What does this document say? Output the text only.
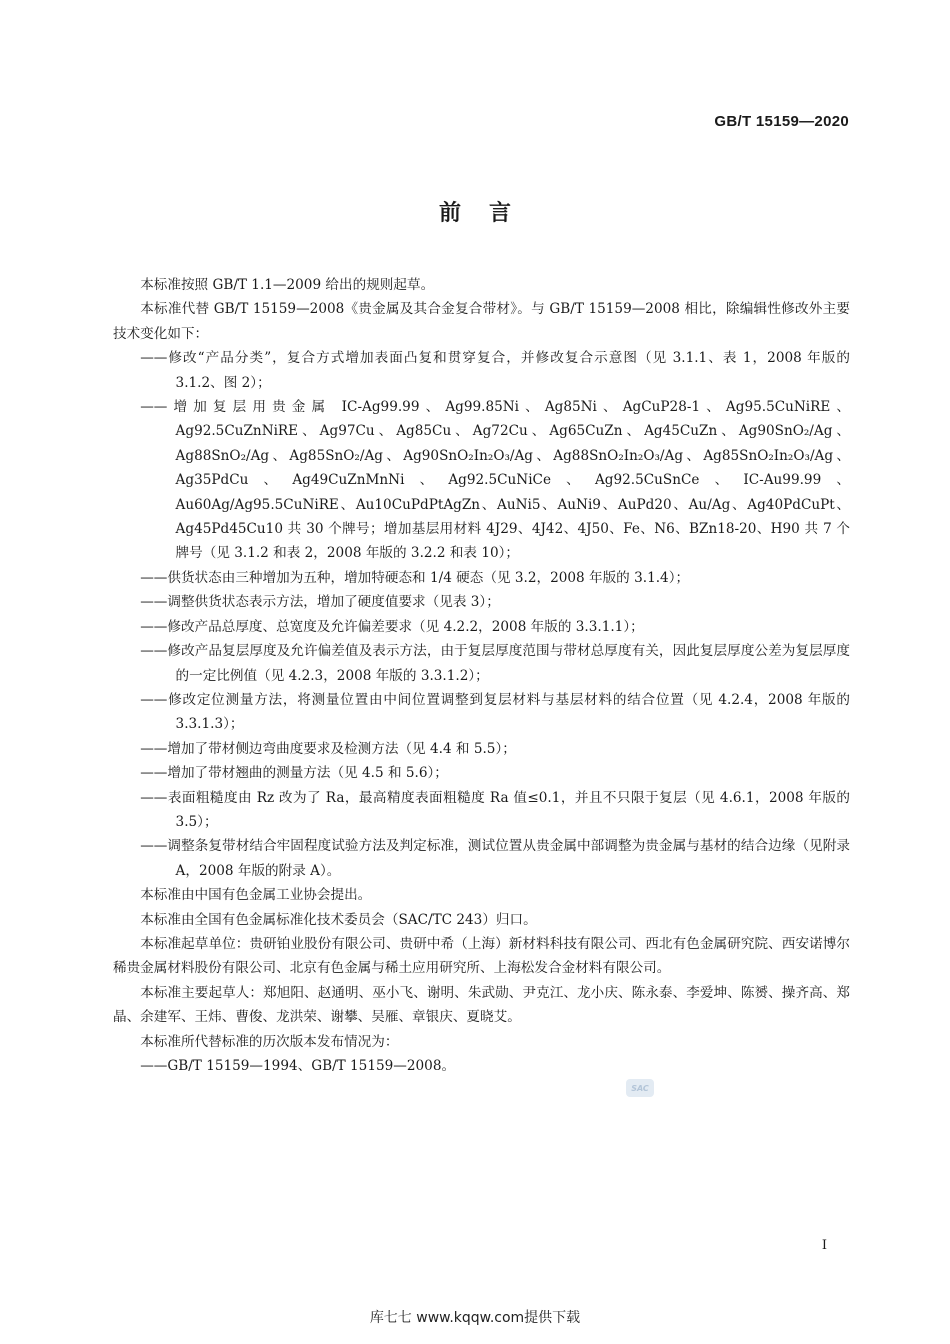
GB/T 15159—2020
前言

本标准按照 GB/T 1.1—2009 给出的规则起草。

本标准代替 GB/T 15159—2008《贵金属及其合金复合带材》。与 GB/T 15159—2008 相比，除编辑性修改外主要技术变化如下：

——修改“产品分类”，复合方式增加表面凸复和贯穿复合，并修改复合示意图（见 3.1.1、表 1，2008 年版的 3.1.2、图 2）；

——增加复层用贵金属 IC-Ag99.99、Ag99.85Ni、Ag85Ni、AgCuP28-1、Ag95.5CuNiRE、Ag92.5CuZnNiRE、Ag97Cu、Ag85Cu、Ag72Cu、Ag65CuZn、Ag45CuZn、Ag90SnO₂/Ag、Ag88SnO₂/Ag、Ag85SnO₂/Ag、Ag90SnO₂In₂O₃/Ag、Ag88SnO₂In₂O₃/Ag、Ag85SnO₂In₂O₃/Ag、Ag35PdCu、Ag49CuZnMnNi、Ag92.5CuNiCe、Ag92.5CuSnCe、IC-Au99.99、Au60Ag/Ag95.5CuNiRE、Au10CuPdPtAgZn、AuNi5、AuNi9、AuPd20、Au/Ag、Ag40PdCuPt、Ag45Pd45Cu10 共 30 个牌号；增加基层用材料 4J29、4J42、4J50、Fe、N6、BZn18-20、H90 共 7 个牌号（见 3.1.2 和表 2，2008 年版的 3.2.2 和表 10）；

——供货状态由三种增加为五种，增加特硬态和 1/4 硬态（见 3.2，2008 年版的 3.1.4）；

——调整供货状态表示方法，增加了硬度值要求（见表 3）；

——修改产品总厚度、总宽度及允许偏差要求（见 4.2.2，2008 年版的 3.3.1.1）；

——修改产品复层厚度及允许偏差值及表示方法，由于复层厚度范围与带材总厚度有关，因此复层厚度公差为复层厚度的一定比例值（见 4.2.3，2008 年版的 3.3.1.2）；

——修改定位测量方法，将测量位置由中间位置调整到复层材料与基层材料的结合位置（见 4.2.4，2008 年版的 3.3.1.3）；

——增加了带材侧边弯曲度要求及检测方法（见 4.4 和 5.5）；

——增加了带材翘曲的测量方法（见 4.5 和 5.6）；

——表面粗糙度由 Rz 改为了 Ra，最高精度表面粗糙度 Ra 值≤0.1，并且不只限于复层（见 4.6.1，2008 年版的 3.5）；

——调整条复带材结合牢固程度试验方法及判定标准，测试位置从贵金属中部调整为贵金属与基材的结合边缘（见附录 A，2008 年版的附录 A）。

本标准由中国有色金属工业协会提出。

本标准由全国有色金属标准化技术委员会（SAC/TC 243）归口。

本标准起草单位：贵研铂业股份有限公司、贵研中希（上海）新材料科技有限公司、西北有色金属研究院、西安诺博尔稀贵金属材料股份有限公司、北京有色金属与稀土应用研究所、上海松发合金材料有限公司。

本标准主要起草人：郑旭阳、赵通明、巫小飞、谢明、朱武勋、尹克江、龙小庆、陈永泰、李爱坤、陈赟、操齐高、郑晶、余建军、王炜、曹俊、龙洪荣、谢攀、吴雁、章银庆、夏晓艾。

本标准所代替标准的历次版本发布情况为：

——GB/T 15159—1994、GB/T 15159—2008。

SAC
I
库七七 www.kqqw.com提供下载
